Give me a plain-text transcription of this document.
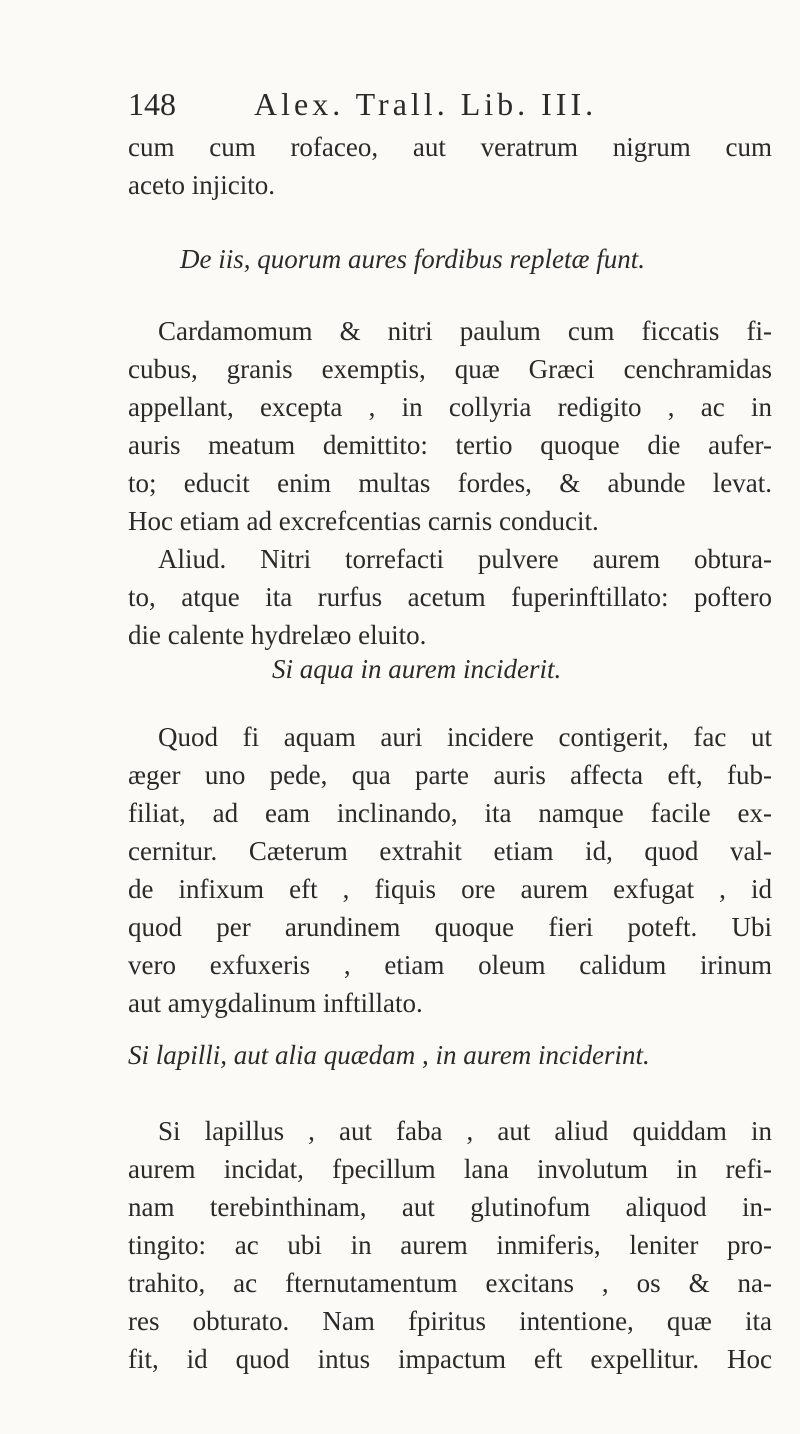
148 Alex. Trall. Lib. III.
cum cum rofaceo, aut veratrum nigrum cum
aceto injicito.
De iis, quorum aures fordibus repletæ funt.
Cardamomum & nitri paulum cum ficcatis fi-
cubus, granis exemptis, quæ Græci cenchramidas
appellant, excepta , in collyria redigito , ac in
auris meatum demittito: tertio quoque die aufer-
to; educit enim multas fordes, & abunde levat.
Hoc etiam ad excrefcentias carnis conducit.
Aliud. Nitri torrefacti pulvere aurem obtura-
to, atque ita rurfus acetum fuperinftillato: poftero
die calente hydrelæo eluito.
Si aqua in aurem inciderit.
Quod fi aquam auri incidere contigerit, fac ut
æger uno pede, qua parte auris affecta eft, fub-
filiat, ad eam inclinando, ita namque facile ex-
cernitur. Cæterum extrahit etiam id, quod val-
de infixum eft , fiquis ore aurem exfugat , id
quod per arundinem quoque fieri poteft. Ubi
vero exfuxeris , etiam oleum calidum irinum
aut amygdalinum inftillato.
Si lapilli, aut alia quædam , in aurem inciderint.
Si lapillus , aut faba , aut aliud quiddam in
aurem incidat, fpecillum lana involutum in refi-
nam terebinthinam, aut glutinofum aliquod in-
tingito: ac ubi in aurem inmiferis, leniter pro-
trahito, ac fternutamentum excitans , os & na-
res obturato. Nam fpiritus intentione, quæ ita
fit, id quod intus impactum eft expellitur. Hoc
